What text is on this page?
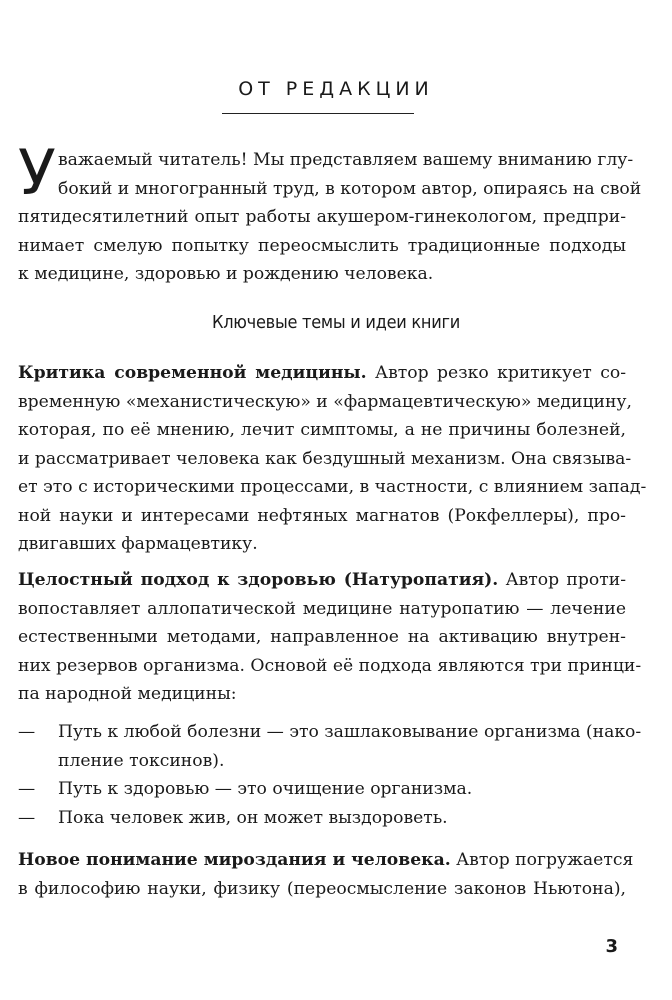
ОТ РЕДАКЦИИ
У важаемый читатель! Мы представляем вашему вниманию глу-
бокий и многогранный труд, в котором автор, опираясь на свой
пятидесятилетний опыт работы акушером-гинекологом, предпри-
нимает смелую попытку переосмыслить традиционные подходы
к медицине, здоровью и рождению человека.
Ключевые темы и идеи книги
Критика современной медицины. Автор резко критикует со-
временную «механистическую» и «фармацевтическую» медицину,
которая, по её мнению, лечит симптомы, а не причины болезней,
и рассматривает человека как бездушный механизм. Она связыва-
ет это с историческими процессами, в частности, с влиянием запад-
ной науки и интересами нефтяных магнатов (Рокфеллеры), про-
двигавших фармацевтику.
Целостный подход к здоровью (Натуропатия). Автор проти-
вопоставляет аллопатической медицине натуропатию — лечение
естественными методами, направленное на активацию внутрен-
них резервов организма. Основой её подхода являются три принци-
па народной медицины:
— Путь к любой болезни — это зашлаковывание организма (нако-
пление токсинов).
— Путь к здоровью — это очищение организма.
— Пока человек жив, он может выздороветь.
Новое понимание мироздания и человека. Автор погружается
в философию науки, физику (переосмысление законов Ньютона),
3
